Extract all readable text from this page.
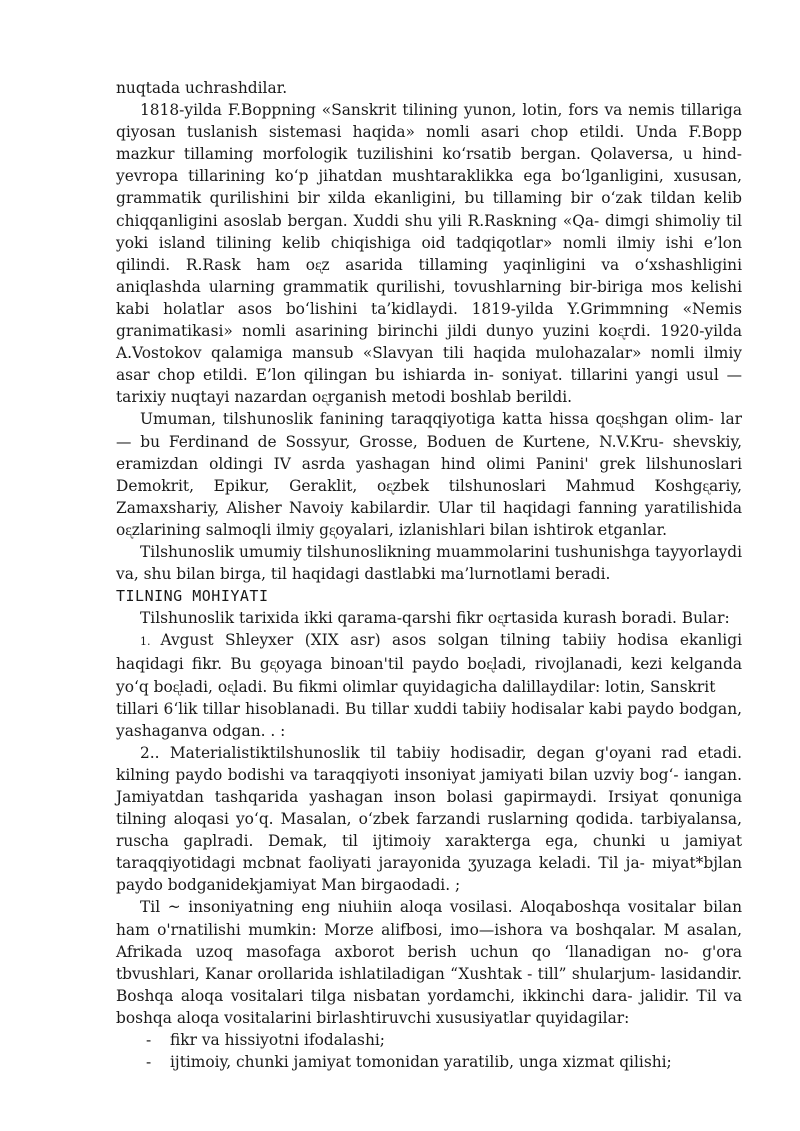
nuqtada uchrashdilar.

1818-yilda F.Boppning «Sanskrit tilining yunon, lotin, fors va nemis tillariga qiyosan tuslanish sistemasi haqida» nomli asari chop etildi. Unda F.Bopp mazkur tillaming morfologik tuzilishini ko‘rsatib bergan. Qolaversa, u hind-yevropa tillarining ko‘p jihatdan mushtaraklikka ega bo‘lganligini, xususan, grammatik qurilishini bir xilda ekanligini, bu tillaming bir o‘zak tildan kelib chiqqanligini asoslab bergan. Xuddi shu yili R.Raskning «Qa- dimgi shimoliy til yoki island tilining kelib chiqishiga oid tadqiqotlar» nomli ilmiy ishi e’lon qilindi. R.Rask ham oᶓz asarida tillaming yaqinligini va o‘xshashligini aniqlashda ularning grammatik qurilishi, tovushlarning bir-biriga mos kelishi kabi holatlar asos bo‘lishini ta’kidlaydi. 1819-yilda Y.Grimmning «Nemis granimatikasi» nomli asarining birinchi jildi dunyo yuzini koᶓrdi. 1920-yilda A.Vostokov qalamiga mansub «Slavyan tili haqida mulohazalar» nomli ilmiy asar chop etildi. E’lon qilingan bu ishiarda in- soniyat. tillarini yangi usul — tarixiy nuqtayi nazardan oᶓrganish metodi boshlab berildi.

Umuman, tilshunoslik fanining taraqqiyotiga katta hissa qoᶓshgan olim- lar — bu Ferdinand de Sossyur, Grosse, Boduen de Kurtene, N.V.Kru- shevskiy, eramizdan oldingi IV asrda yashagan hind olimi Panini' grek lilshunoslari Demokrit, Epikur, Geraklit, oᶓzbek tilshunoslari Mahmud Koshgᶓariy, Zamaxshariy, Alisher Navoiy kabilardir. Ular til haqidagi fanning yaratilishida oᶓzlarining salmoqli ilmiy gᶓoyalari, izlanishlari bilan ishtirok etganlar.

Tilshunoslik umumiy tilshunoslikning muammolarini tushunishga tayyorlaydi va, shu bilan birga, til haqidagi dastlabki ma’lurnotlami beradi.

TILNING MOHIYATI

Tilshunoslik tarixida ikki qarama-qarshi fikr oᶓrtasida kurash boradi. Bular:

1. Avgust Shleyxer (XIX asr) asos solgan tilning tabiiy hodisa ekanligi haqidagi fikr. Bu gᶓoyaga binoan'til paydo boᶓladi, rivojlanadi, kezi kelganda yo‘q boᶓladi, oᶓladi. Bu fikmi olimlar quyidagicha dalillaydilar: lotin, Sanskrit

tillari 6‘lik tillar hisoblanadi. Bu tillar xuddi tabiiy hodisalar kabi paydo bodgan, yashaganva odgan. . :

2.. Materialistiktilshunoslik til tabiiy hodisadir, degan g'oyani rad etadi. kilning paydo bodishi va taraqqiyoti insoniyat jamiyati bilan uzviy bog‘- iangan. Jamiyatdan tashqarida yashagan inson bolasi gapirmaydi. Irsiyat qonuniga tilning aloqasi yo‘q. Masalan, o‘zbek farzandi ruslarning qodida. tarbiyalansa, ruscha gaplradi. Demak, til ijtimoiy xarakterga ega, chunki u jamiyat taraqqiyotidagi mcbnat faoliyati jarayonida ʒyuzaga keladi. Til ja- miyat*bjlan paydo bodganidekjamiyat Man birgaodadi. ;

Til ~ insoniyatning eng niuhiin aloqa vosilasi. Aloqaboshqa vositalar bilan ham o'rnatilishi mumkin: Morze alifbosi, imo—ishora va boshqalar. M asalan, Afrikada uzoq masofaga axborot berish uchun qo ‘llanadigan no- g'ora tbvushlari, Kanar orollarida ishlatiladigan “Xushtak - till” shularjum- lasidandir. Boshqa aloqa vositalari tilga nisbatan yordamchi, ikkinchi dara- jalidir. Til va boshqa aloqa vositalarini birlashtiruvchi xususiyatlar quyidagilar:

- fikr va hissiyotni ifodalashi;
- ijtimoiy, chunki jamiyat tomonidan yaratilib, unga xizmat qilishi;
